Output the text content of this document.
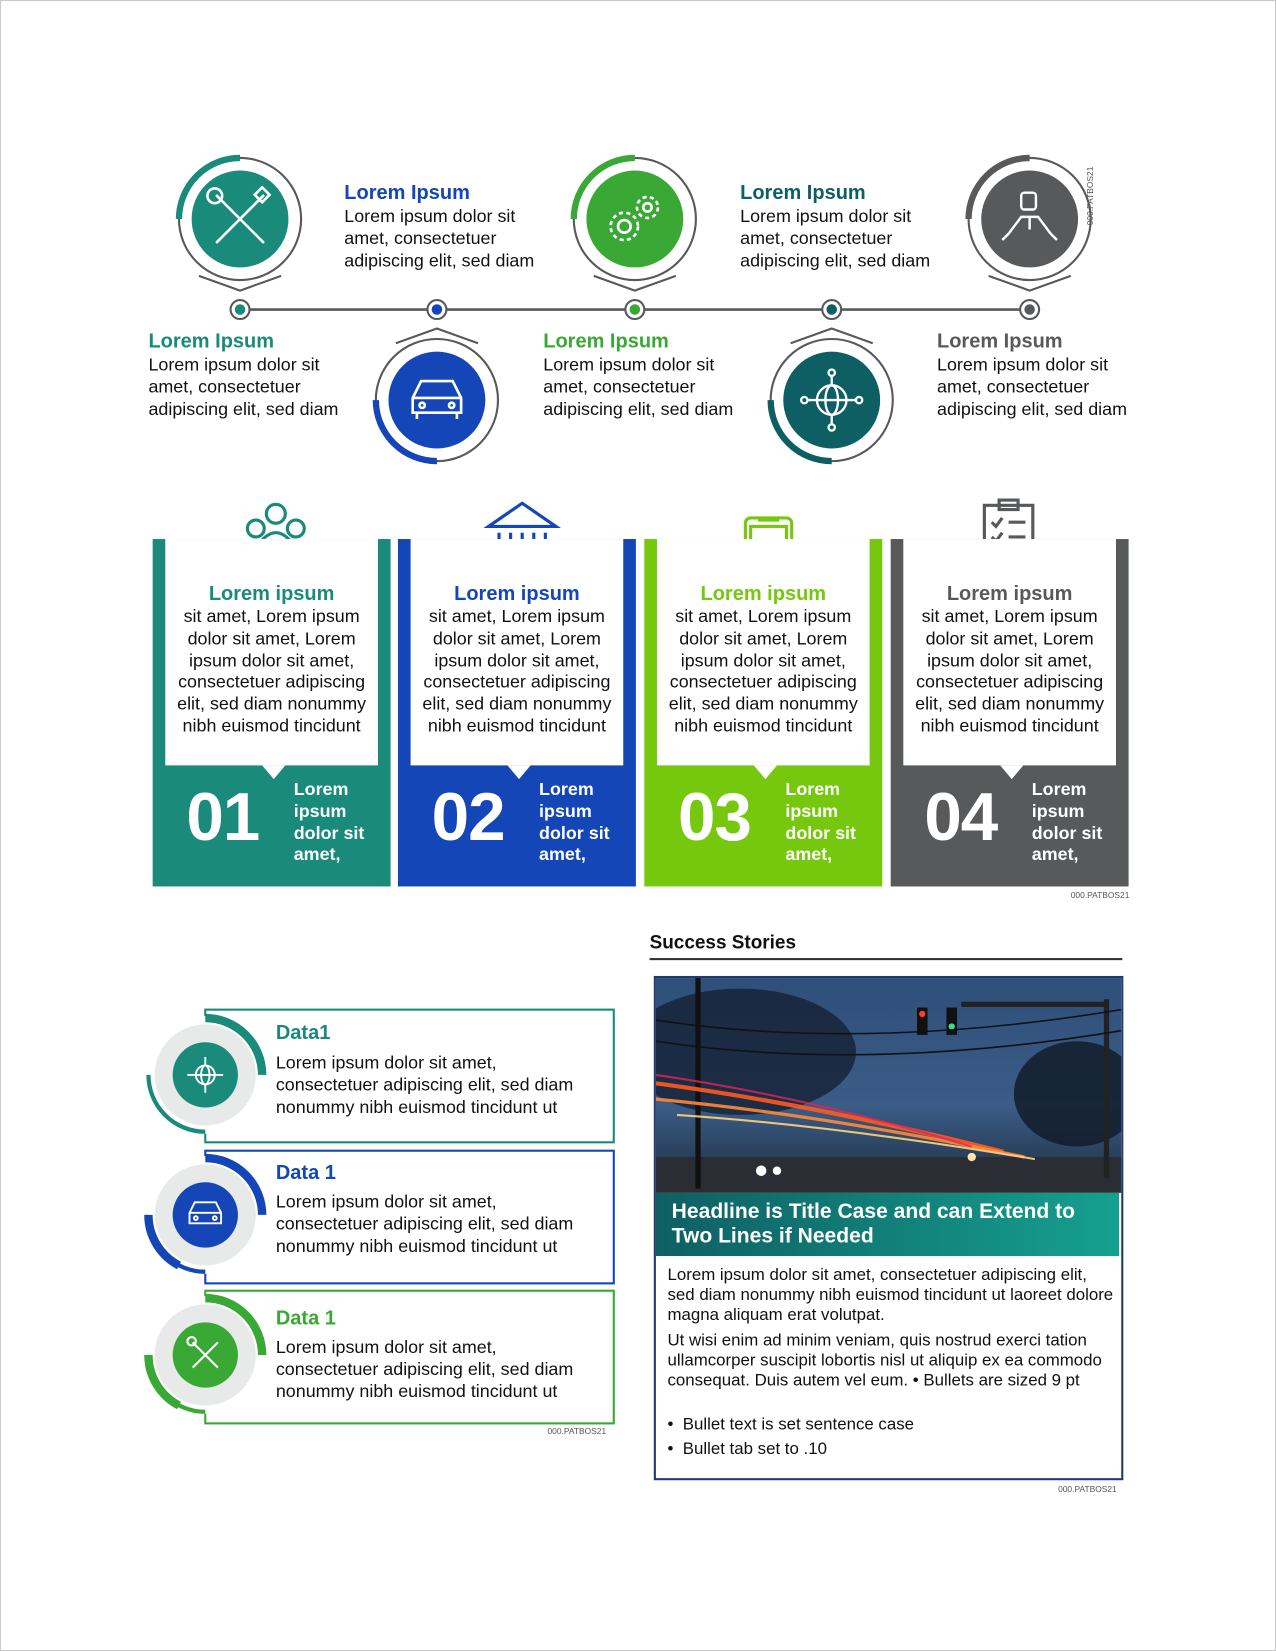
Lorem Ipsum
Lorem ipsum dolor sit amet, consectetuer adipiscing elit, sed diam
Lorem Ipsum
Lorem ipsum dolor sit amet, consectetuer adipiscing elit, sed diam
Lorem Ipsum
Lorem ipsum dolor sit amet, consectetuer adipiscing elit, sed diam
Lorem Ipsum
Lorem ipsum dolor sit amet, consectetuer adipiscing elit, sed diam
Lorem Ipsum
Lorem ipsum dolor sit amet, consectetuer adipiscing elit, sed diam
000.PATBOS21
Lorem ipsum
sit amet, Lorem ipsum dolor sit amet, Lorem ipsum dolor sit amet, consectetuer adipiscing elit, sed diam nonummy nibh euismod tincidunt
01 Lorem ipsum dolor sit amet,
Lorem ipsum
sit amet, Lorem ipsum dolor sit amet, Lorem ipsum dolor sit amet, consectetuer adipiscing elit, sed diam nonummy nibh euismod tincidunt
02 Lorem ipsum dolor sit amet,
Lorem ipsum
sit amet, Lorem ipsum dolor sit amet, Lorem ipsum dolor sit amet, consectetuer adipiscing elit, sed diam nonummy nibh euismod tincidunt
03 Lorem ipsum dolor sit amet,
Lorem ipsum
sit amet, Lorem ipsum dolor sit amet, Lorem ipsum dolor sit amet, consectetuer adipiscing elit, sed diam nonummy nibh euismod tincidunt
04 Lorem ipsum dolor sit amet,
000.PATBOS21
Data1
Lorem ipsum dolor sit amet, consectetuer adipiscing elit, sed diam nonummy nibh euismod tincidunt ut
Data 1
Lorem ipsum dolor sit amet, consectetuer adipiscing elit, sed diam nonummy nibh euismod tincidunt ut
Data 1
Lorem ipsum dolor sit amet, consectetuer adipiscing elit, sed diam nonummy nibh euismod tincidunt ut
000.PATBOS21
Success Stories
Headline is Title Case and can Extend to Two Lines if Needed
Lorem ipsum dolor sit amet, consectetuer adipiscing elit, sed diam nonummy nibh euismod tincidunt ut laoreet dolore magna aliquam erat volutpat.
Ut wisi enim ad minim veniam, quis nostrud exerci tation ullamcorper suscipit lobortis nisl ut aliquip ex ea commodo consequat. Duis autem vel eum. • Bullets are sized 9 pt
•  Bullet text is set sentence case
•  Bullet tab set to .10
000.PATBOS21
